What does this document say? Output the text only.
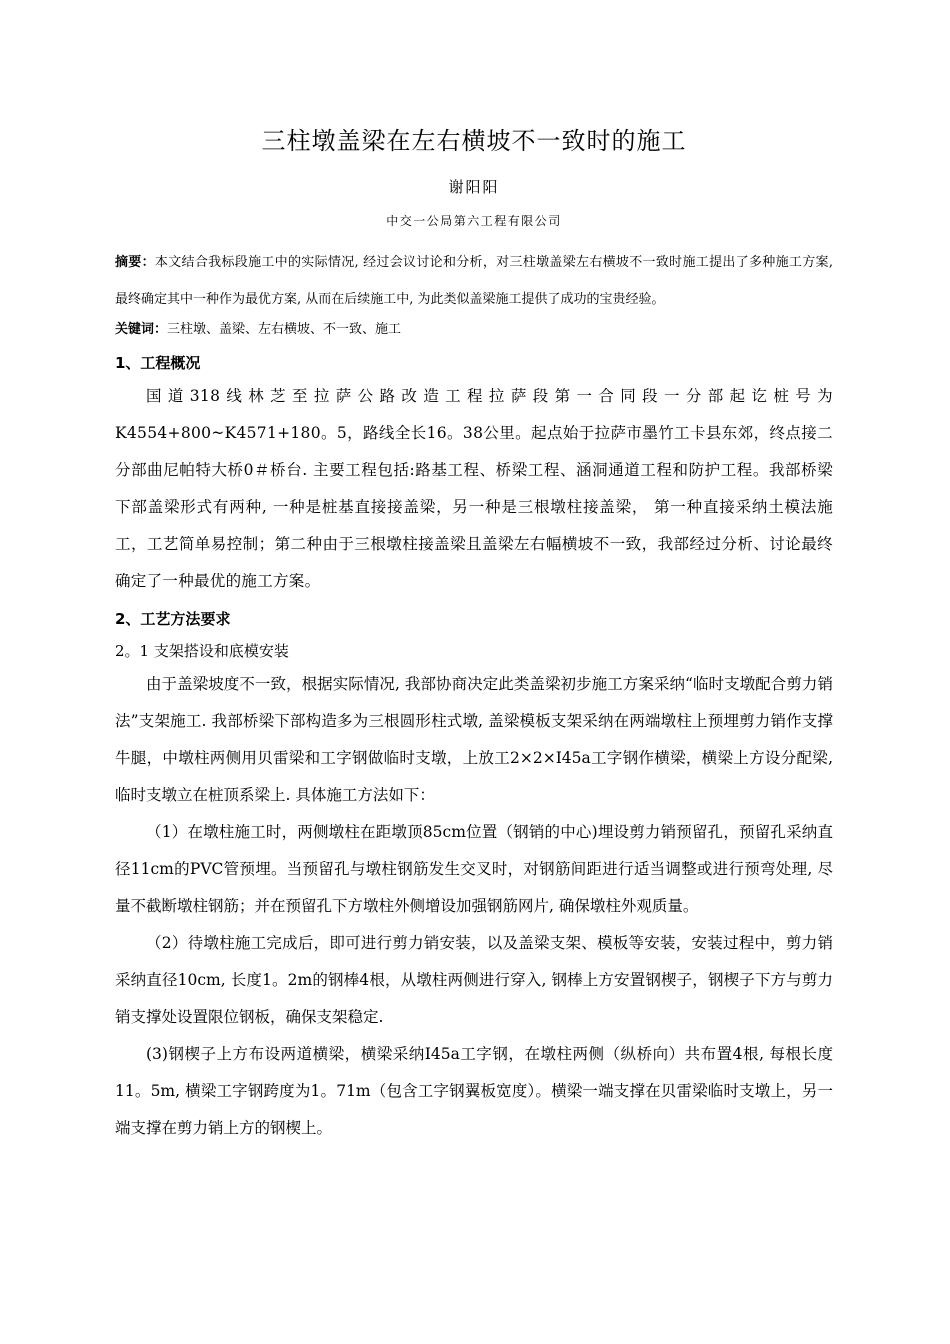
三柱墩盖梁在左右横坡不一致时的施工

谢阳阳

中交一公局第六工程有限公司

摘要：本文结合我标段施工中的实际情况, 经过会议讨论和分析，对三柱墩盖梁左右横坡不一致时施工提出了多种施工方案, 最终确定其中一种作为最优方案, 从而在后续施工中, 为此类似盖梁施工提供了成功的宝贵经验。

关键词：三柱墩、盖梁、左右横坡、不一致、施工

1、工程概况

国道318线林芝至拉萨公路改造工程拉萨段第一合同段一分部起讫桩号为K4554+800~K4571+180。5，路线全长16。38公里。起点始于拉萨市墨竹工卡县东郊，终点接二分部曲尼帕特大桥0＃桥台. 主要工程包括:路基工程、桥梁工程、涵洞通道工程和防护工程。我部桥梁下部盖梁形式有两种, 一种是桩基直接接盖梁，另一种是三根墩柱接盖梁， 第一种直接采纳土模法施工，工艺简单易控制；第二种由于三根墩柱接盖梁且盖梁左右幅横坡不一致，我部经过分析、讨论最终确定了一种最优的施工方案。

2、工艺方法要求

2。1 支架搭设和底模安装

由于盖梁坡度不一致，根据实际情况, 我部协商决定此类盖梁初步施工方案采纳“临时支墩配合剪力销法”支架施工. 我部桥梁下部构造多为三根圆形柱式墩, 盖梁模板支架采纳在两端墩柱上预埋剪力销作支撑牛腿，中墩柱两侧用贝雷梁和工字钢做临时支墩，上放工2×2×I45a工字钢作横梁，横梁上方设分配梁, 临时支墩立在桩顶系梁上. 具体施工方法如下：

（1）在墩柱施工时，两侧墩柱在距墩顶85cm位置（钢销的中心)埋设剪力销预留孔，预留孔采纳直径11cm的PVC管预埋。当预留孔与墩柱钢筋发生交叉时，对钢筋间距进行适当调整或进行预弯处理, 尽量不截断墩柱钢筋；并在预留孔下方墩柱外侧增设加强钢筋网片, 确保墩柱外观质量。

（2）待墩柱施工完成后，即可进行剪力销安装，以及盖梁支架、模板等安装，安装过程中，剪力销采纳直径10cm, 长度1。2m的钢棒4根，从墩柱两侧进行穿入, 钢棒上方安置钢楔子，钢楔子下方与剪力销支撑处设置限位钢板，确保支架稳定.

(3)钢楔子上方布设两道横梁，横梁采纳I45a工字钢，在墩柱两侧（纵桥向）共布置4根, 每根长度11。5m, 横梁工字钢跨度为1。71m（包含工字钢翼板宽度）。横梁一端支撑在贝雷梁临时支墩上，另一端支撑在剪力销上方的钢楔上。
